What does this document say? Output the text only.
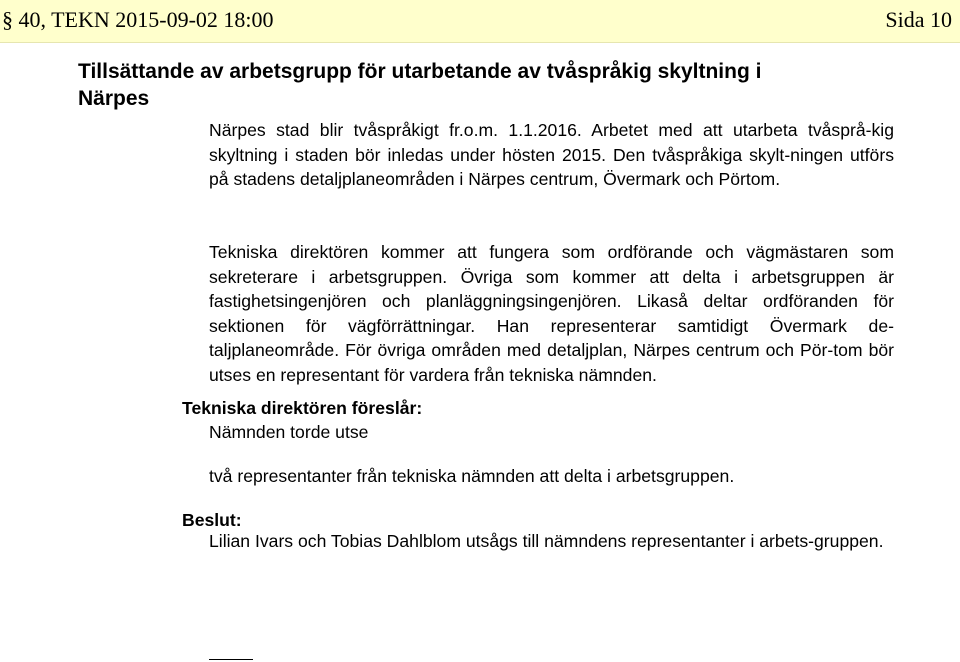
§ 40, TEKN 2015-09-02 18:00	Sida 10
Tillsättande av arbetsgrupp för utarbetande av tvåspråkig skyltning i Närpes
Närpes stad blir tvåspråkigt fr.o.m. 1.1.2016. Arbetet med att utarbeta tvåsprå-kig skyltning i staden bör inledas under hösten 2015. Den tvåspråkiga skylt-ningen utförs på stadens detaljplaneområden i Närpes centrum, Övermark och Pörtom.
Tekniska direktören kommer att fungera som ordförande och vägmästaren som sekreterare i arbetsgruppen. Övriga som kommer att delta i arbetsgruppen är fastighetsingenjören och planläggningsingenjören. Likaså deltar ordföranden för sektionen för vägförrättningar. Han representerar samtidigt Övermark de-taljplaneområde. För övriga områden med detaljplan, Närpes centrum och Pör-tom bör utses en representant för vardera från tekniska nämnden.
Tekniska direktören föreslår:
Nämnden torde utse
två representanter från tekniska nämnden att delta i arbetsgruppen.
Beslut:
Lilian Ivars och Tobias Dahlblom utsågs till nämndens representanter i arbets-gruppen.
